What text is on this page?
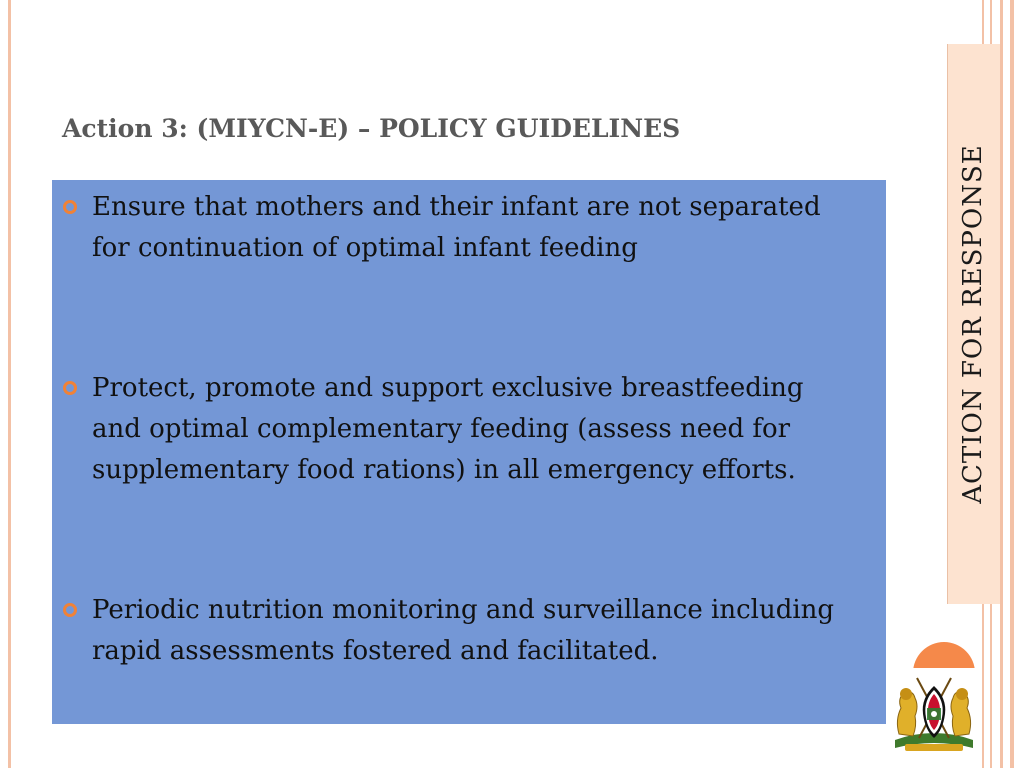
ACTION FOR RESPONSE
Action 3: (MIYCN-E) – POLICY GUIDELINES
Ensure that mothers and their infant are not separated for continuation of optimal infant feeding
Protect, promote and support exclusive breastfeeding and optimal complementary feeding (assess need for supplementary food rations) in all emergency efforts.
Periodic nutrition monitoring and surveillance including rapid assessments fostered and facilitated.
